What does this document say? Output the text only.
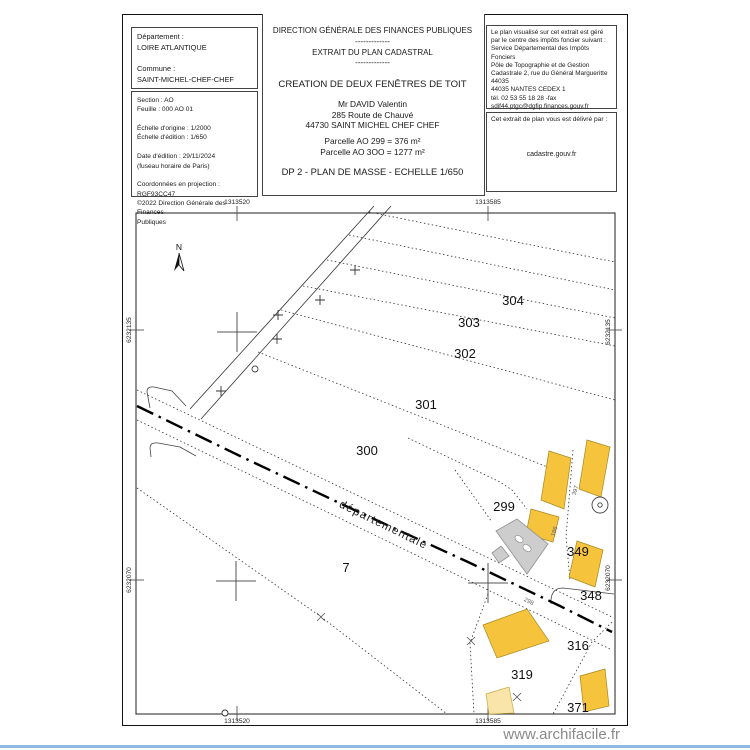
Département :
LOIRE ATLANTIQUE

Commune :
SAINT-MICHEL-CHEF-CHEF
Section : AO
Feuille : 000 AO 01

Échelle d'origine : 1/2000
Échelle d'édition : 1/650

Date d'édition : 29/11/2024
(fuseau horaire de Paris)

Coordonnées en projection : RGF93CC47
©2022 Direction Générale des Finances
Publiques
DIRECTION GÉNÉRALE DES FINANCES PUBLIQUES
-------------
EXTRAIT DU PLAN CADASTRAL
-------------
CREATION DE DEUX FENÊTRES DE TOIT
Mr DAVID Valentin
285 Route de Chauvé
44730 SAINT MICHEL CHEF CHEF
Parcelle AO 299 = 376 m²
Parcelle AO 3OO = 1277 m²
DP 2 - PLAN DE MASSE - ECHELLE 1/650
Le plan visualisé sur cet extrait est géré
par le centre des impôts foncier suivant :
Service Départemental des Impôts
Fonciers
Pôle de Topographie et de Gestion
Cadastrale 2, rue du Général Margueritte
44035
44035 NANTES CEDEX 1
tél. 02 53 55 18 28 -fax
sdif44.ptgc@dgfip.finances.gouv.fr
Cet extrait de plan vous est délivré par :
cadastre.gouv.fr
1313520	1313585
1313520	1313585
6232135
6232070
6232135
6232070
N
304
303
302
301
300
299
7
349
348
316
319
371
397
186
298
départementale
www.archifacile.fr
